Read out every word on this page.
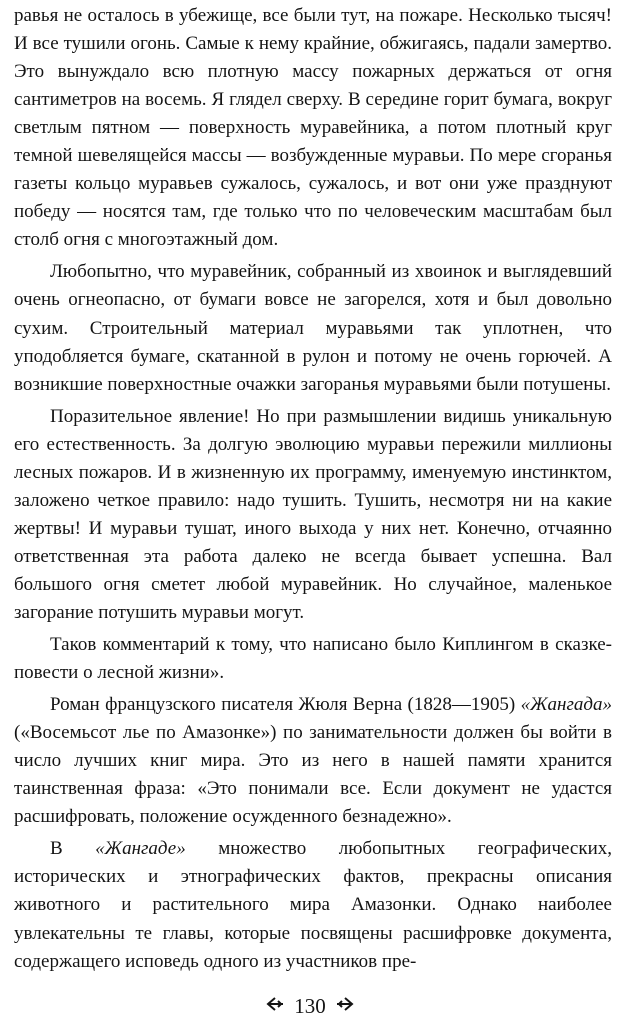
равья не осталось в убежище, все были тут, на пожаре. Несколько тысяч! И все тушили огонь. Самые к нему крайние, обжигаясь, падали замертво. Это вынуждало всю плотную массу пожарных держаться от огня сантиметров на восемь. Я глядел сверху. В середине горит бумага, вокруг светлым пятном — поверхность муравейника, а потом плотный круг темной шевелящейся массы — возбужденные муравьи. По мере сгоранья газеты кольцо муравьев сужалось, сужалось, и вот они уже празднуют победу — носятся там, где только что по человеческим масштабам был столб огня с многоэтажный дом.

Любопытно, что муравейник, собранный из хвоинок и выглядевший очень огнеопасно, от бумаги вовсе не загорелся, хотя и был довольно сухим. Строительный материал муравьями так уплотнен, что уподобляется бумаге, скатанной в рулон и потому не очень горючей. А возникшие поверхностные очажки загоранья муравьями были потушены.

Поразительное явление! Но при размышлении видишь уникальную его естественность. За долгую эволюцию муравьи пережили миллионы лесных пожаров. И в жизненную их программу, именуемую инстинктом, заложено четкое правило: надо тушить. Тушить, несмотря ни на какие жертвы! И муравьи тушат, иного выхода у них нет. Конечно, отчаянно ответственная эта работа далеко не всегда бывает успешна. Вал большого огня сметет любой муравейник. Но случайное, маленькое загорание потушить муравьи могут.

Таков комментарий к тому, что написано было Киплингом в сказке-повести о лесной жизни».

Роман французского писателя Жюля Верна (1828—1905) «Жангада» («Восемьсот лье по Амазонке») по занимательности должен бы войти в число лучших книг мира. Это из него в нашей памяти хранится таинственная фраза: «Это понимали все. Если документ не удастся расшифровать, положение осужденного безнадежно».

В «Жангаде» множество любопытных географических, исторических и этнографических фактов, прекрасны описания животного и растительного мира Амазонки. Однако наиболее увлекательны те главы, которые посвящены расшифровке документа, содержащего исповедь одного из участников пре-

130
